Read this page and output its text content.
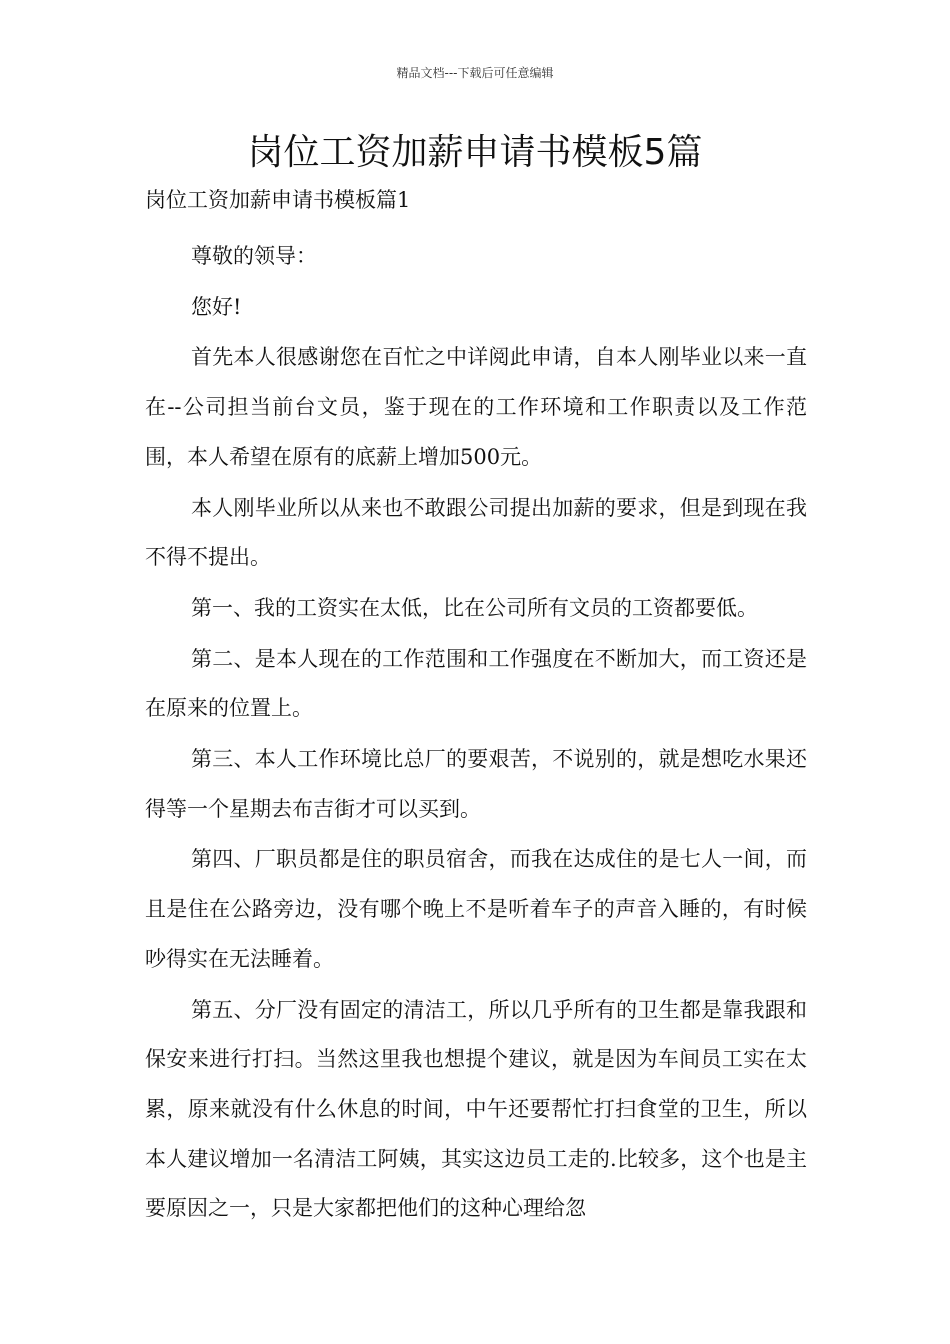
精品文档---下载后可任意编辑
岗位工资加薪申请书模板5篇
岗位工资加薪申请书模板篇1

尊敬的领导：

您好!

首先本人很感谢您在百忙之中详阅此申请，自本人刚毕业以来一直在--公司担当前台文员，鉴于现在的工作环境和工作职责以及工作范围，本人希望在原有的底薪上增加500元。

本人刚毕业所以从来也不敢跟公司提出加薪的要求，但是到现在我不得不提出。

第一、我的工资实在太低，比在公司所有文员的工资都要低。

第二、是本人现在的工作范围和工作强度在不断加大，而工资还是在原来的位置上。

第三、本人工作环境比总厂的要艰苦，不说别的，就是想吃水果还得等一个星期去布吉街才可以买到。

第四、厂职员都是住的职员宿舍，而我在达成住的是七人一间，而且是住在公路旁边，没有哪个晚上不是听着车子的声音入睡的，有时候吵得实在无法睡着。

第五、分厂没有固定的清洁工，所以几乎所有的卫生都是靠我跟和保安来进行打扫。当然这里我也想提个建议，就是因为车间员工实在太累，原来就没有什么休息的时间，中午还要帮忙打扫食堂的卫生，所以本人建议增加一名清洁工阿姨，其实这边员工走的.比较多，这个也是主要原因之一，只是大家都把他们的这种心理给忽
